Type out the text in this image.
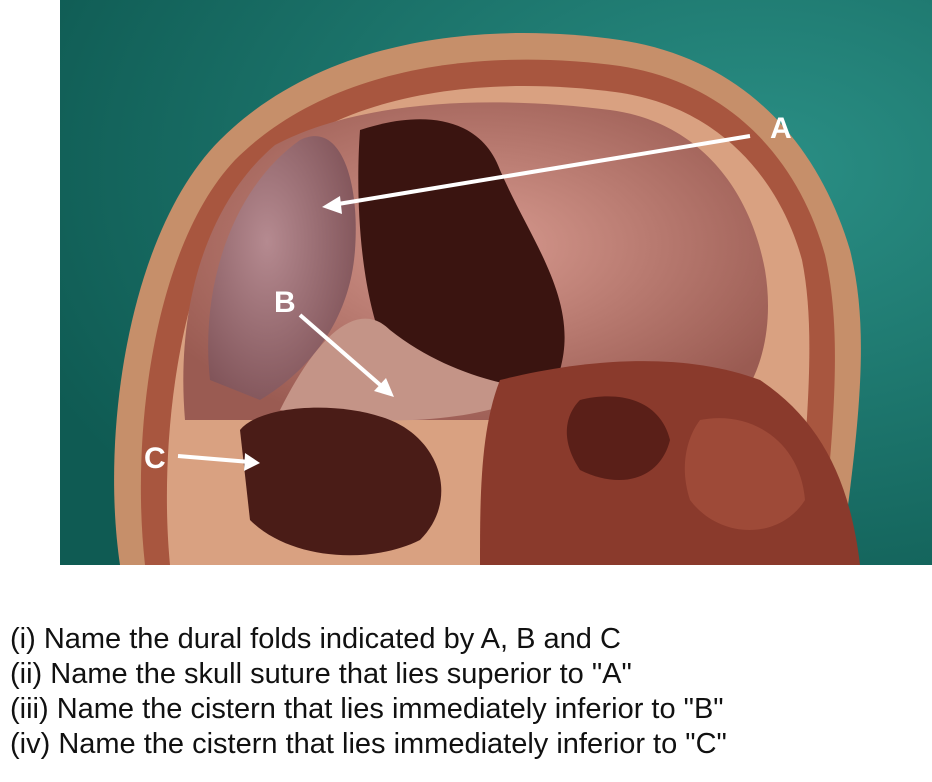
A
B
C
(i) Name the dural folds indicated by A, B and C
(ii) Name the skull suture that lies superior to "A"
(iii) Name the cistern that lies immediately inferior to "B"
(iv) Name the cistern that lies immediately inferior to "C"
